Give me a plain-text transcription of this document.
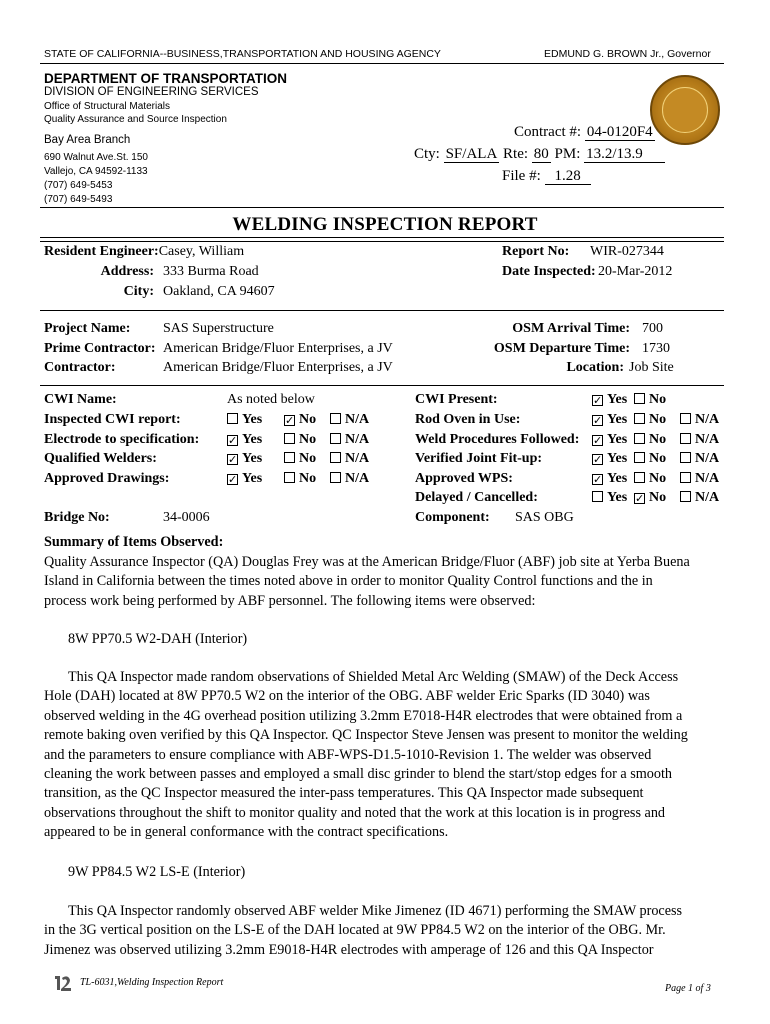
STATE OF CALIFORNIA--BUSINESS,TRANSPORTATION AND HOUSING AGENCY	EDMUND G. BROWN Jr., Governor
DEPARTMENT OF TRANSPORTATION
DIVISION OF ENGINEERING SERVICES
Office of Structural Materials
Quality Assurance and Source Inspection
Bay Area Branch
690 Walnut Ave.St. 150
Vallejo, CA 94592-1133
(707) 649-5453
(707) 649-5493
Contract #: 04-0120F4
Cty: SF/ALA Rte: 80 PM: 13.2/13.9
File #: 1.28
WELDING INSPECTION REPORT
Resident Engineer:Casey, William
Address: 333 Burma Road
City: Oakland, CA 94607
Report No: WIR-027344
Date Inspected: 20-Mar-2012
Project Name: SAS Superstructure
Prime Contractor: American Bridge/Fluor Enterprises, a JV
Contractor:	American Bridge/Fluor Enterprises, a JV
OSM Arrival Time: 700
OSM Departure Time: 1730
Location: Job Site
CWI Name:	As noted below
Inspected CWI report:	Yes ✓ No	N/A
Electrode to specification:	✓ Yes	No	N/A
Qualified Welders:	✓ Yes	No	N/A
Approved Drawings:	✓ Yes	No	N/A
CWI Present:	✓ Yes	No
Rod Oven in Use:	✓ Yes	No	N/A
Weld Procedures Followed: ✓ Yes	No	N/A
Verified Joint Fit-up:	✓ Yes	No	N/A
Approved WPS:	✓ Yes	No	N/A
Delayed / Cancelled:	Yes ✓ No	N/A
Bridge No:	34-0006	Component: SAS OBG
Summary of Items Observed:
Quality Assurance Inspector (QA) Douglas Frey was at the American Bridge/Fluor (ABF) job site at Yerba Buena Island in California between the times noted above in order to monitor Quality Control functions and the in process work being performed by ABF personnel. The following items were observed:
8W PP70.5 W2-DAH (Interior)
This QA Inspector made random observations of Shielded Metal Arc Welding (SMAW) of the Deck Access Hole (DAH) located at 8W PP70.5 W2 on the interior of the OBG. ABF welder Eric Sparks (ID 3040) was observed welding in the 4G overhead position utilizing 3.2mm E7018-H4R electrodes that were obtained from a remote baking oven verified by this QA Inspector. QC Inspector Steve Jensen was present to monitor the welding and the parameters to ensure compliance with ABF-WPS-D1.5-1010-Revision 1. The welder was observed cleaning the work between passes and employed a small disc grinder to blend the start/stop edges for a smooth transition, as the QC Inspector measured the inter-pass temperatures. This QA Inspector made subsequent observations throughout the shift to monitor quality and noted that the work at this location is in progress and appeared to be in general conformance with the contract specifications.
9W PP84.5 W2 LS-E (Interior)
This QA Inspector randomly observed ABF welder Mike Jimenez (ID 4671) performing the SMAW process in the 3G vertical position on the LS-E of the DAH located at 9W PP84.5 W2 on the interior of the OBG. Mr. Jimenez was observed utilizing 3.2mm E9018-H4R electrodes with amperage of 126 and this QA Inspector
TL-6031,Welding Inspection Report
Page 1 of 3
